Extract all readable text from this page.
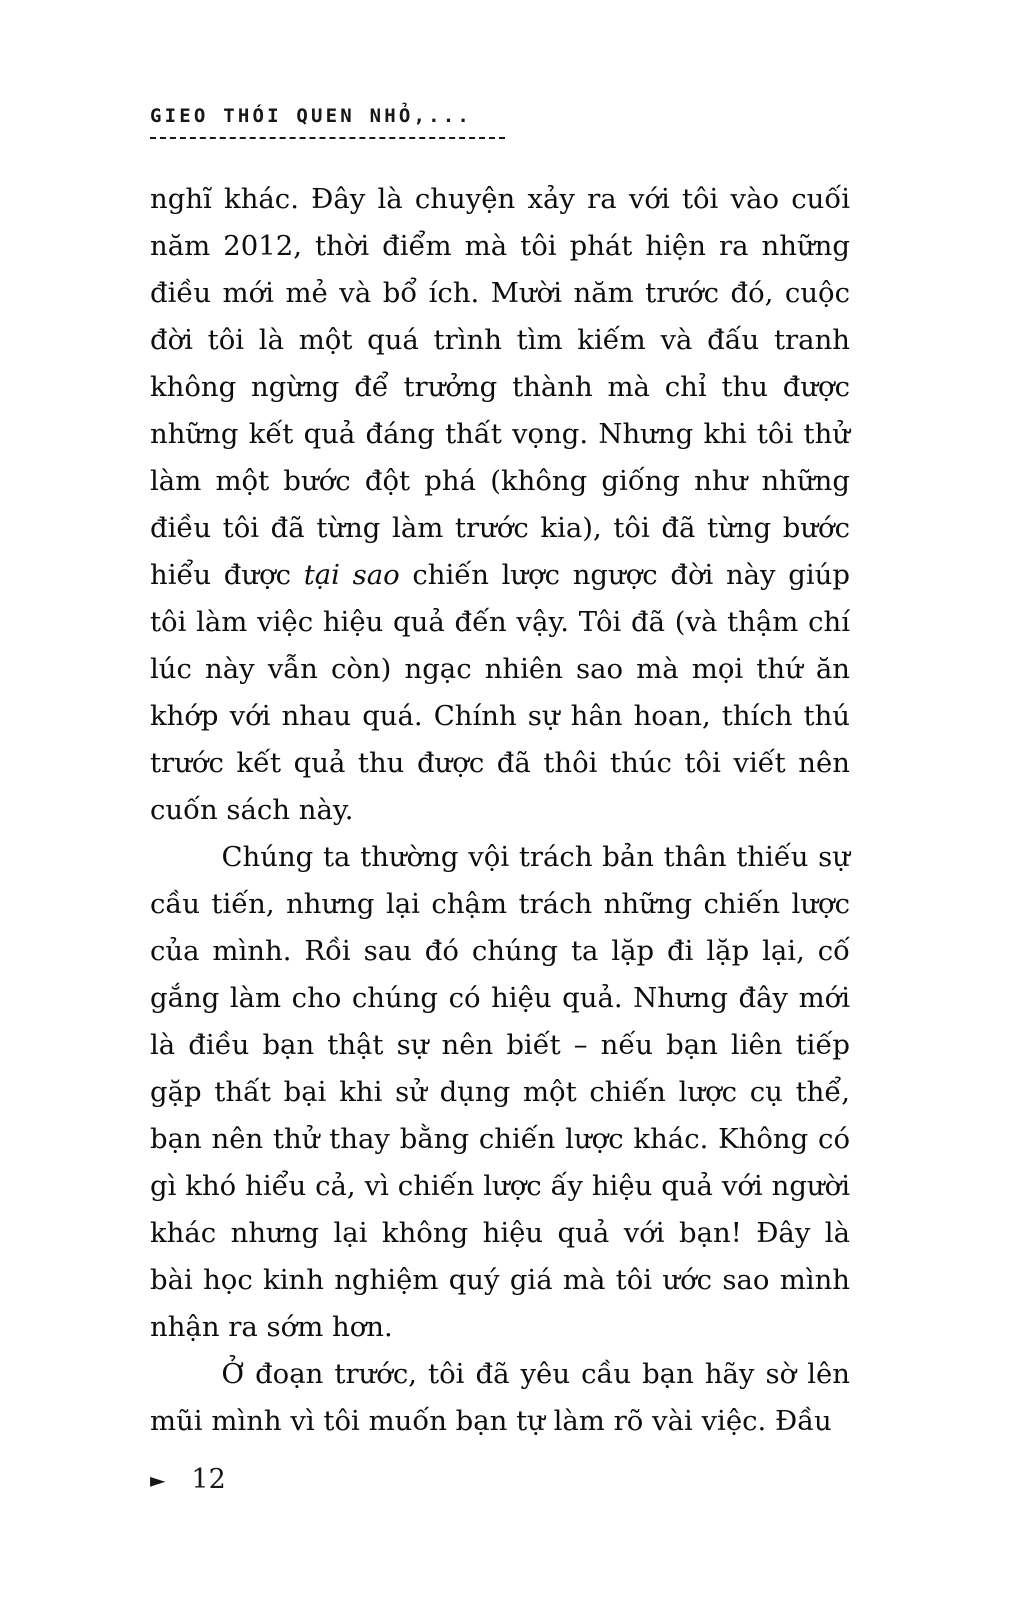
GIEO THÓI QUEN NHỎ,...

nghĩ khác. Đây là chuyện xảy ra với tôi vào cuối năm 2012, thời điểm mà tôi phát hiện ra những điều mới mẻ và bổ ích. Mười năm trước đó, cuộc đời tôi là một quá trình tìm kiếm và đấu tranh không ngừng để trưởng thành mà chỉ thu được những kết quả đáng thất vọng. Nhưng khi tôi thử làm một bước đột phá (không giống như những điều tôi đã từng làm trước kia), tôi đã từng bước hiểu được tại sao chiến lược ngược đời này giúp tôi làm việc hiệu quả đến vậy. Tôi đã (và thậm chí lúc này vẫn còn) ngạc nhiên sao mà mọi thứ ăn khớp với nhau quá. Chính sự hân hoan, thích thú trước kết quả thu được đã thôi thúc tôi viết nên cuốn sách này.

Chúng ta thường vội trách bản thân thiếu sự cầu tiến, nhưng lại chậm trách những chiến lược của mình. Rồi sau đó chúng ta lặp đi lặp lại, cố gắng làm cho chúng có hiệu quả. Nhưng đây mới là điều bạn thật sự nên biết – nếu bạn liên tiếp gặp thất bại khi sử dụng một chiến lược cụ thể, bạn nên thử thay bằng chiến lược khác. Không có gì khó hiểu cả, vì chiến lược ấy hiệu quả với người khác nhưng lại không hiệu quả với bạn! Đây là bài học kinh nghiệm quý giá mà tôi ước sao mình nhận ra sớm hơn.

Ở đoạn trước, tôi đã yêu cầu bạn hãy sờ lên mũi mình vì tôi muốn bạn tự làm rõ vài việc. Đầu

► 12
